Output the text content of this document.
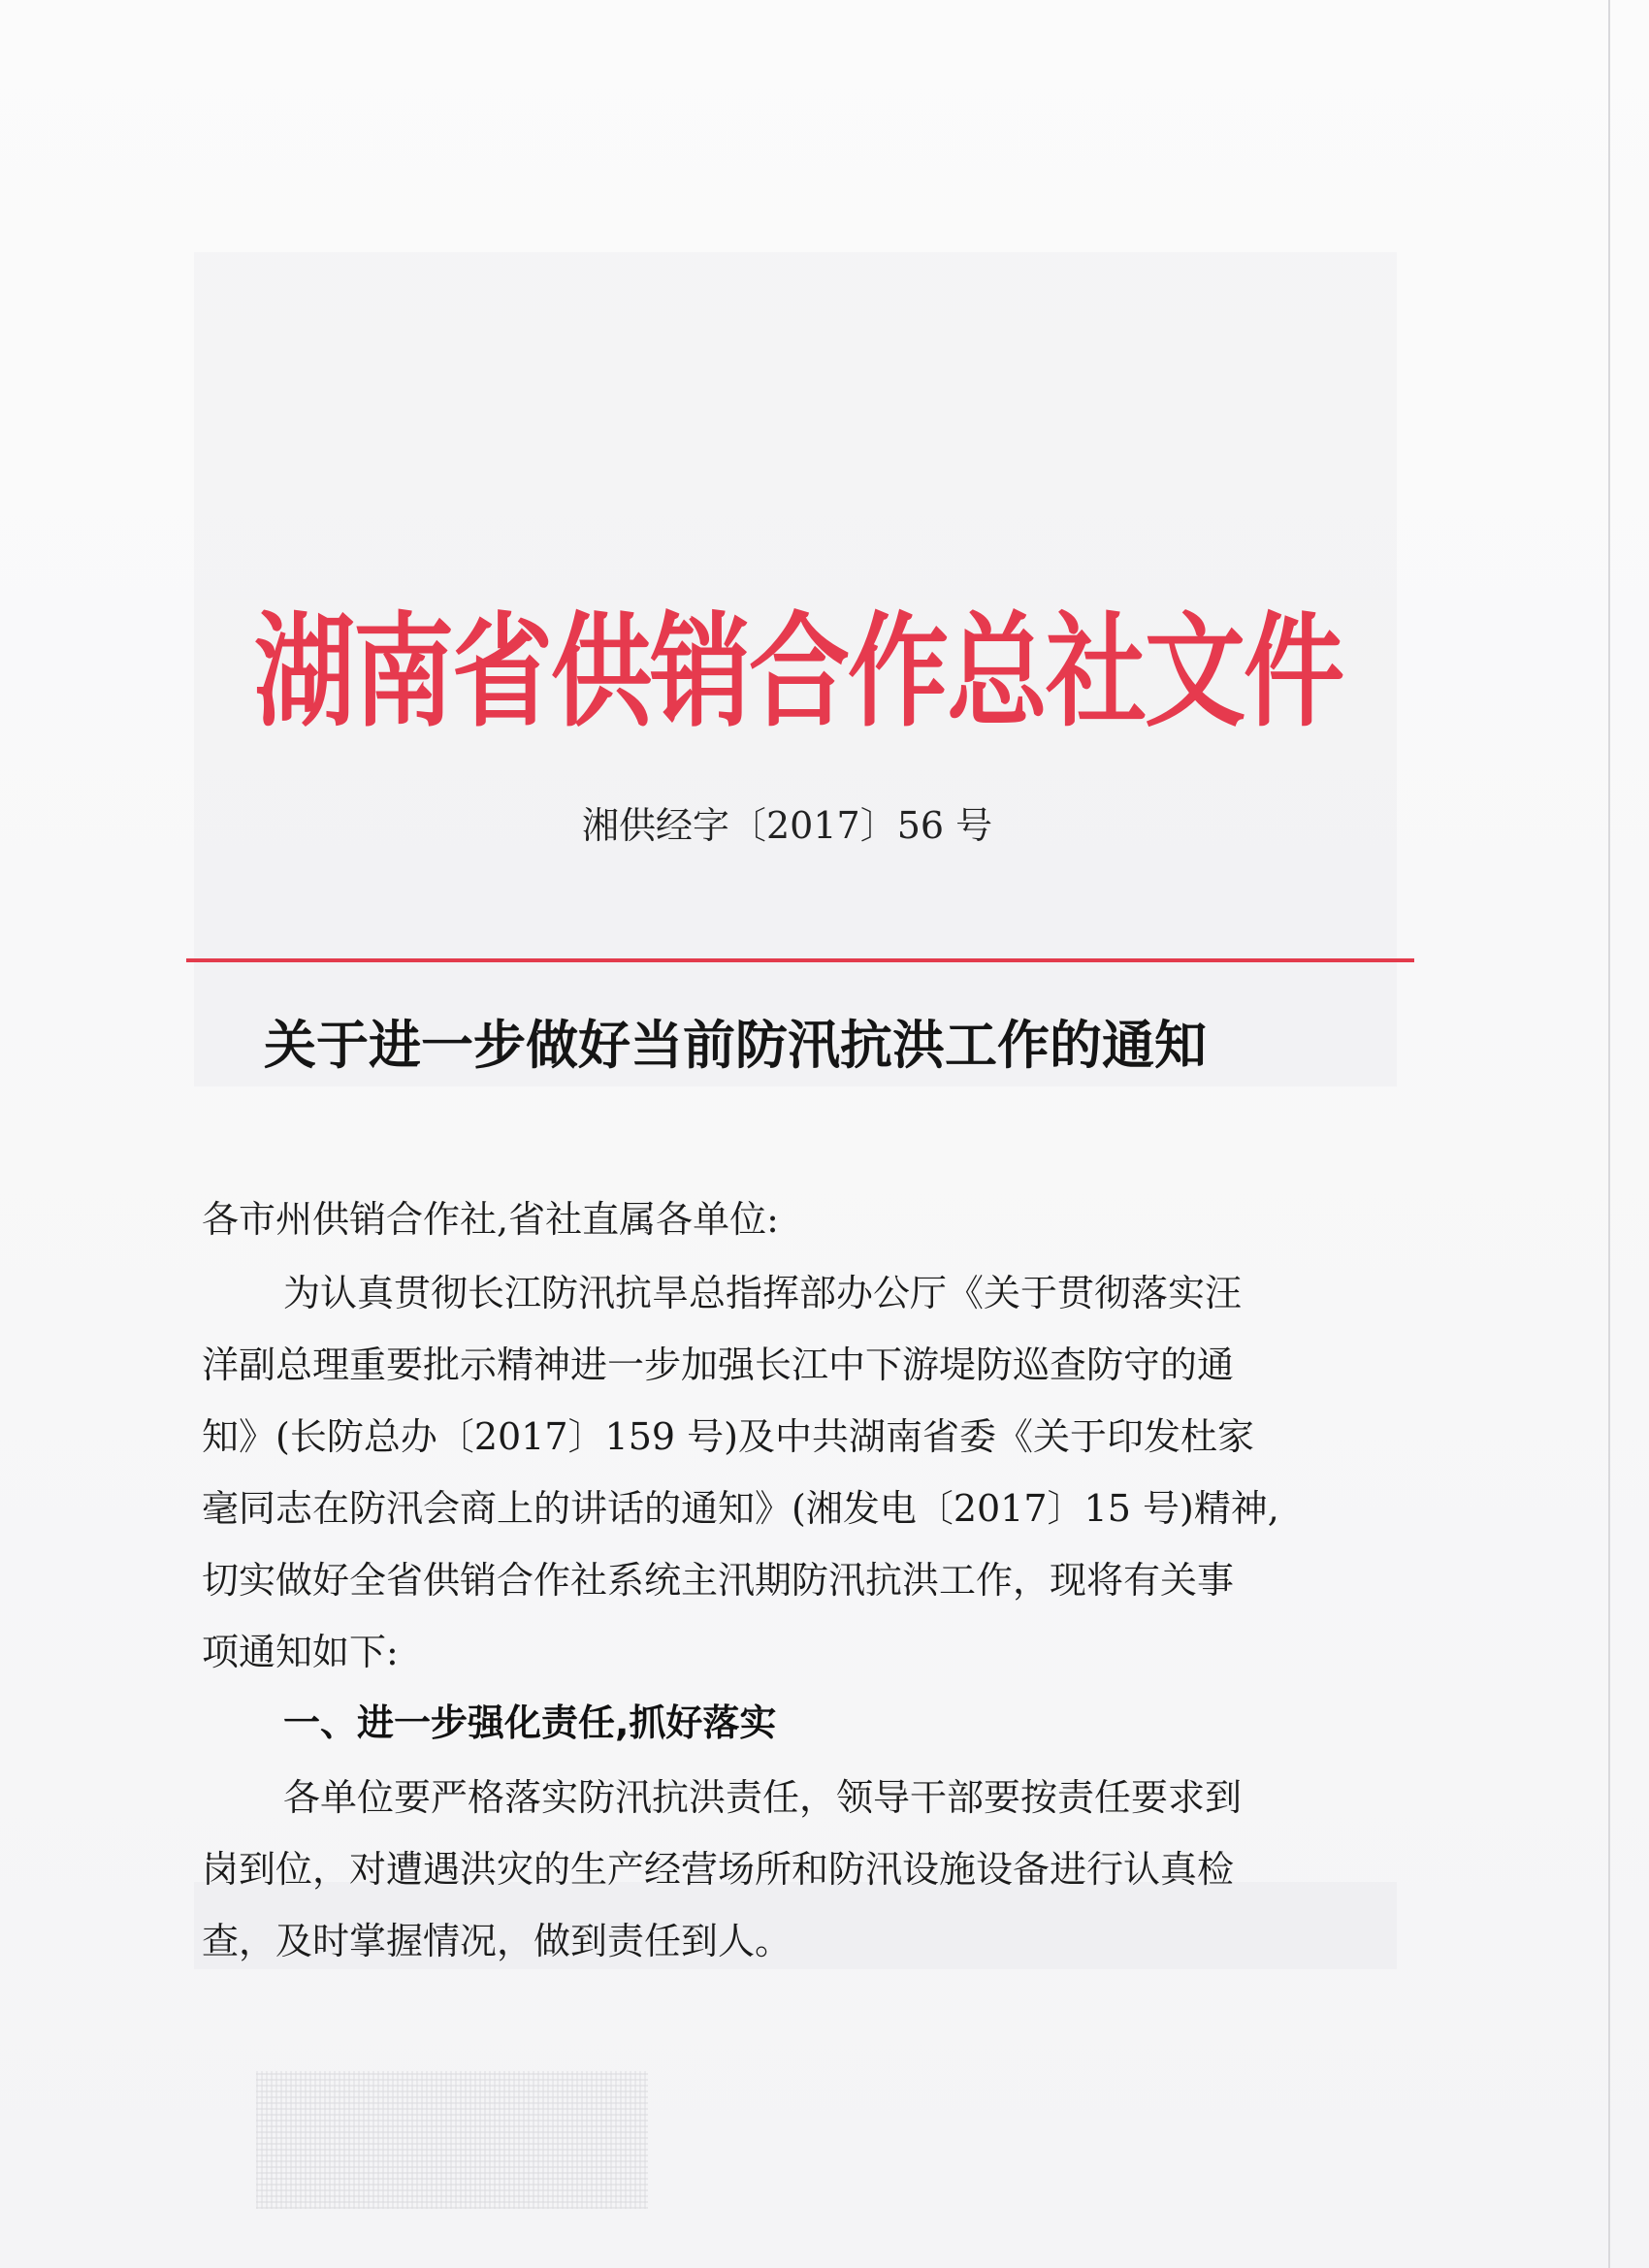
湖南省供销合作总社文件
湘供经字〔2017〕56 号
关于进一步做好当前防汛抗洪工作的通知
各市州供销合作社,省社直属各单位:
为认真贯彻长江防汛抗旱总指挥部办公厅《关于贯彻落实汪
洋副总理重要批示精神进一步加强长江中下游堤防巡查防守的通
知》(长防总办〔2017〕159 号)及中共湖南省委《关于印发杜家
毫同志在防汛会商上的讲话的通知》(湘发电〔2017〕15 号)精神,
切实做好全省供销合作社系统主汛期防汛抗洪工作，现将有关事
项通知如下:
一、进一步强化责任,抓好落实
各单位要严格落实防汛抗洪责任，领导干部要按责任要求到
岗到位，对遭遇洪灾的生产经营场所和防汛设施设备进行认真检
查，及时掌握情况，做到责任到人。
